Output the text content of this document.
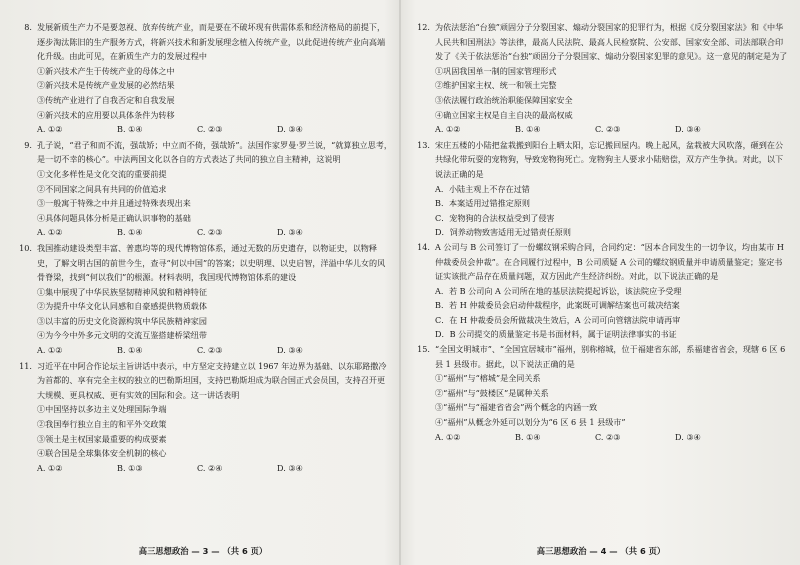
8. 发展新质生产力不是要忽视、放弃传统产业，而是要在不破坏现有供需体系和经济格局的前提下，逐步淘汰陈旧的生产服务方式，将新兴技术和新发展理念植入传统产业，以此促进传统产业向高端化升级。由此可见，在新质生产力的发展过程中
①新兴技术产生于传统产业的母体之中
②新兴技术是传统产业发展的必然结果
③传统产业进行了自我否定和自我发展
④新兴技术的应用要以具体条件为转移
A. ①②	B. ①④	C. ②③	D. ③④
9. 孔子说，“君子和而不流，强哉矫；中立而不倚，强哉矫”。法国作家罗曼·罗兰说，“就算独立思考，是一切不幸的核心”。中法两国文化以各自的方式表达了共同的独立自主精神，这说明
①文化多样性是文化交流的重要前提
②不同国家之间具有共同的价值追求
③一般寓于特殊之中并且通过特殊表现出来
④具体问题具体分析是正确认识事物的基础
A. ①②	B. ①④	C. ②③	D. ③④
10. 我国推动建设类型丰富、普惠均等的现代博物馆体系，通过无数的历史遗存，以物证史，以物释史，了解文明古国的前世今生，查寻“何以中国”的答案；以史明理、以史启智，洋溢中华儿女的风骨脊梁，找到“何以我们”的根源。材料表明，我国现代博物馆体系的建设
①集中展现了中华民族坚韧精神风貌和精神特征
②为提升中华文化认同感和自豪感提供物质载体
③以丰富的历史文化资源构筑中华民族精神家园
④为今今中外多元文明的交流互鉴搭建桥梁纽带
A. ①②	B. ①④	C. ②③	D. ③④
11. 习近平在中阿合作论坛主旨讲话中表示，中方坚定支持建立以 1967 年边界为基础、以东耶路撒冷为首都的、享有完全主权的独立的巴勒斯坦国，支持巴勒斯坦成为联合国正式会员国，支持召开更大规模、更具权威、更有实效的国际和会。这一讲话表明
①中国坚持以多边主义处理国际争端
②我国奉行独立自主的和平外交政策
③领土是主权国家最重要的构成要素
④联合国是全球集体安全机制的核心
A. ①②	B. ①③	C. ②④	D. ③④
高三思想政治 — 3 — （共 6 页）
12. 为依法惩治“台独”顽固分子分裂国家、煽动分裂国家的犯罪行为，根据《反分裂国家法》和《中华人民共和国刑法》等法律，最高人民法院、最高人民检察院、公安部、国家安全部、司法部联合印发了《关于依法惩治“台独”顽固分子分裂国家、煽动分裂国家犯罪的意见》。这一意见的制定是为了
①巩固我国单一制的国家管理形式
②维护国家主权、统一和领土完整
③依法履行政治统治职能保障国家安全
④确立国家主权是自主自决的最高权威
A. ①②	B. ①④	C. ②③	D. ③④
13. 宋庄五楼的小陆把盆栽搬到阳台上晒太阳，忘记搬回屋内。晚上起风，盆栽被大风吹落，砸到在公共绿化带玩耍的宠物狗，导致宠物狗死亡。宠物狗主人要求小陆赔偿，双方产生争执。对此，以下说法正确的是
A．小陆主观上不存在过错
B．本案适用过错推定原则
C．宠物狗的合法权益受到了侵害
D．饲养动物致害适用无过错责任原则
14. A 公司与 B 公司签订了一份螺纹钢采购合同，合同约定：“因本合同发生的一切争议，均由某市 H 仲裁委员会仲裁”。在合同履行过程中，B 公司质疑 A 公司的螺纹钢质量并申请质量鉴定；鉴定书证实该批产品存在质量问题，双方因此产生经济纠纷。对此，以下说法正确的是
A．若 B 公司向 A 公司所在地的基层法院提起诉讼，该法院应予受理
B．若 H 仲裁委员会启动仲裁程序，此案既可调解结案也可裁决结案
C．在 H 仲裁委员会所做裁决生效后，A 公司可向管辖法院申请再审
D．B 公司提交的质量鉴定书是书面材料，属于证明法律事实的书证
15. “全国文明城市”、“全国宜居城市”福州，别称榕城，位于福建省东部，系福建省省会，现辖 6 区 6 县 1 县级市。据此，以下说法正确的是
①“福州”与“榕城”是全同关系
②“福州”与“鼓楼区”是属种关系
③“福州”与“福建省省会”两个概念的内涵一致
④“福州”从概念外延可以划分为“6 区 6 县 1 县级市”
A. ①②	B. ①④	C. ②③	D. ③④
高三思想政治 — 4 — （共 6 页）
